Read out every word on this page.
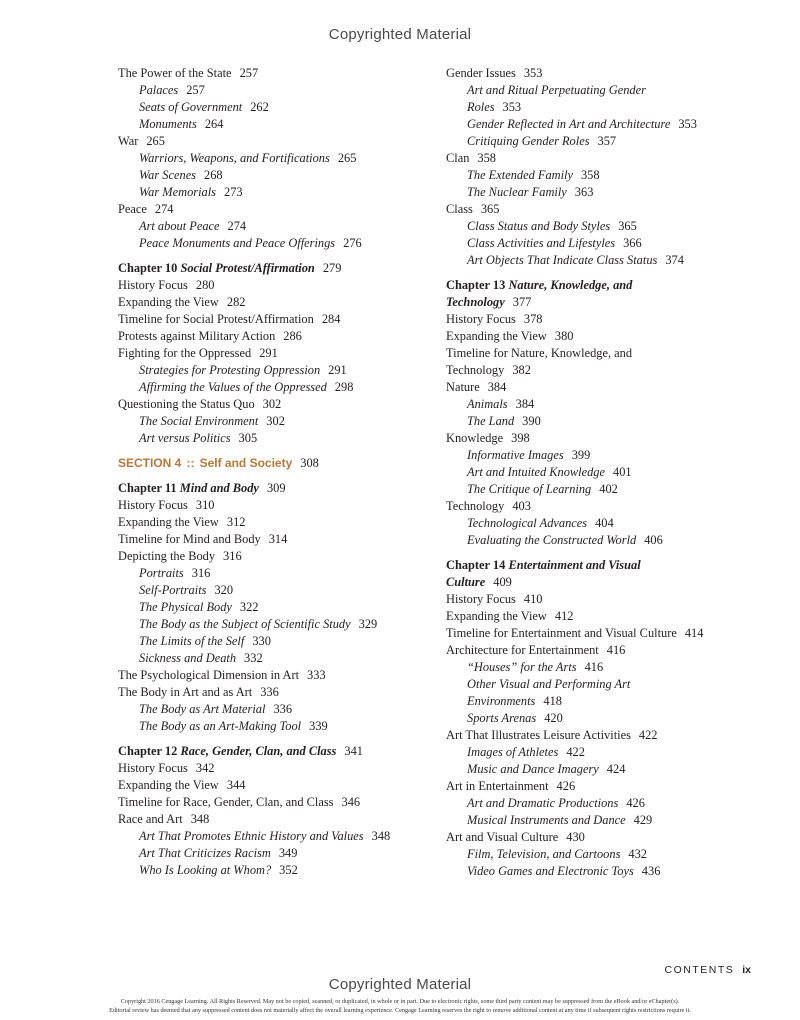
Copyrighted Material
The Power of the State 257
Palaces 257
Seats of Government 262
Monuments 264
War 265
Warriors, Weapons, and Fortifications 265
War Scenes 268
War Memorials 273
Peace 274
Art about Peace 274
Peace Monuments and Peace Offerings 276
Chapter 10 Social Protest/Affirmation 279
History Focus 280
Expanding the View 282
Timeline for Social Protest/Affirmation 284
Protests against Military Action 286
Fighting for the Oppressed 291
Strategies for Protesting Oppression 291
Affirming the Values of the Oppressed 298
Questioning the Status Quo 302
The Social Environment 302
Art versus Politics 305
SECTION 4 :: Self and Society 308
Chapter 11 Mind and Body 309
History Focus 310
Expanding the View 312
Timeline for Mind and Body 314
Depicting the Body 316
Portraits 316
Self-Portraits 320
The Physical Body 322
The Body as the Subject of Scientific Study 329
The Limits of the Self 330
Sickness and Death 332
The Psychological Dimension in Art 333
The Body in Art and as Art 336
The Body as Art Material 336
The Body as an Art-Making Tool 339
Chapter 12 Race, Gender, Clan, and Class 341
History Focus 342
Expanding the View 344
Timeline for Race, Gender, Clan, and Class 346
Race and Art 348
Art That Promotes Ethnic History and Values 348
Art That Criticizes Racism 349
Who Is Looking at Whom? 352
Gender Issues 353
Art and Ritual Perpetuating Gender
Roles 353
Gender Reflected in Art and Architecture 353
Critiquing Gender Roles 357
Clan 358
The Extended Family 358
The Nuclear Family 363
Class 365
Class Status and Body Styles 365
Class Activities and Lifestyles 366
Art Objects That Indicate Class Status 374
Chapter 13 Nature, Knowledge, and
Technology 377
History Focus 378
Expanding the View 380
Timeline for Nature, Knowledge, and
Technology 382
Nature 384
Animals 384
The Land 390
Knowledge 398
Informative Images 399
Art and Intuited Knowledge 401
The Critique of Learning 402
Technology 403
Technological Advances 404
Evaluating the Constructed World 406
Chapter 14 Entertainment and Visual
Culture 409
History Focus 410
Expanding the View 412
Timeline for Entertainment and Visual Culture 414
Architecture for Entertainment 416
“Houses” for the Arts 416
Other Visual and Performing Art
Environments 418
Sports Arenas 420
Art That Illustrates Leisure Activities 422
Images of Athletes 422
Music and Dance Imagery 424
Art in Entertainment 426
Art and Dramatic Productions 426
Musical Instruments and Dance 429
Art and Visual Culture 430
Film, Television, and Cartoons 432
Video Games and Electronic Toys 436
CONTENTS ix
Copyrighted Material
Copyright 2016 Cengage Learning. All Rights Reserved. May not be copied, scanned, or duplicated, in whole or in part. Due to electronic rights, some third party content may be suppressed from the eBook and/or eChapter(s).
Editorial review has deemed that any suppressed content does not materially affect the overall learning experience. Cengage Learning reserves the right to remove additional content at any time if subsequent rights restrictions require it.
